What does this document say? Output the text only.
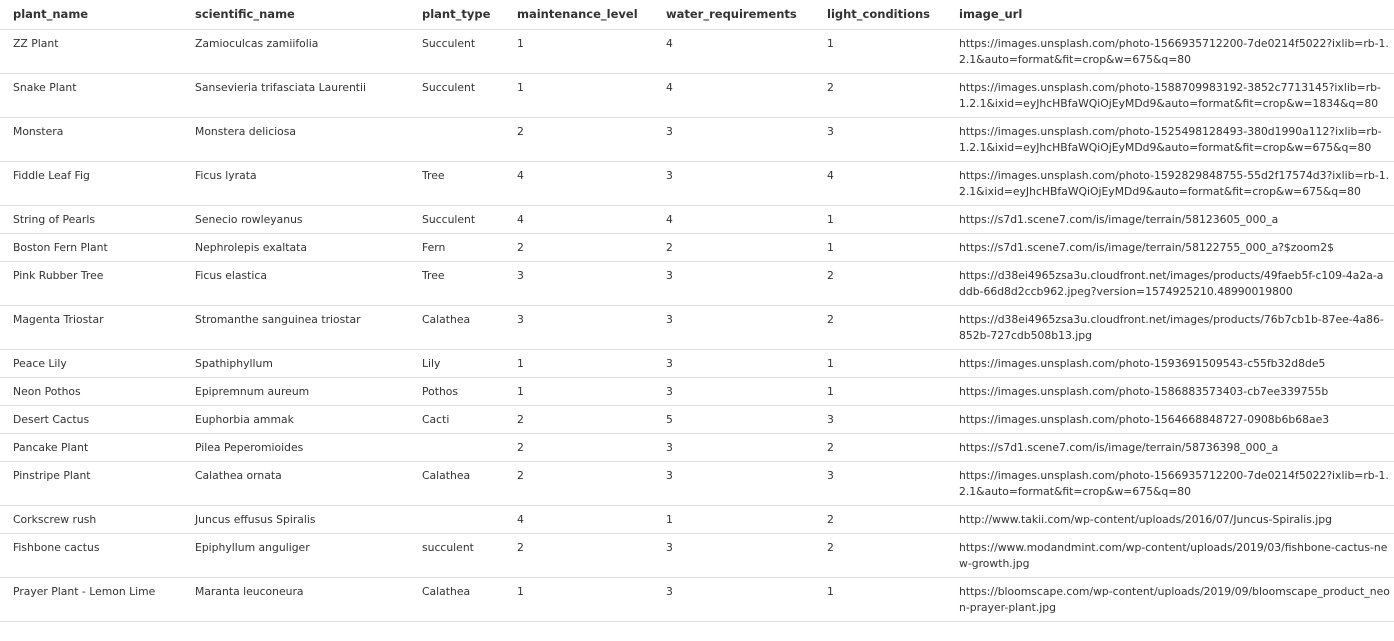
plant_name	scientific_name	plant_type	maintenance_level	water_requirements	light_conditions	image_url
ZZ Plant	Zamioculcas zamiifolia	Succulent	1	4	1	https://images.unsplash.com/photo-1566935712200-7de0214f5022?ixlib=rb-1.2.1&auto=format&fit=crop&w=675&q=80
Snake Plant	Sansevieria trifasciata Laurentii	Succulent	1	4	2	https://images.unsplash.com/photo-1588709983192-3852c7713145?ixlib=rb-1.2.1&ixid=eyJhcHBfaWQiOjEyMDd9&auto=format&fit=crop&w=1834&q=80
Monstera	Monstera deliciosa		2	3	3	https://images.unsplash.com/photo-1525498128493-380d1990a112?ixlib=rb-1.2.1&ixid=eyJhcHBfaWQiOjEyMDd9&auto=format&fit=crop&w=675&q=80
Fiddle Leaf Fig	Ficus lyrata	Tree	4	3	4	https://images.unsplash.com/photo-1592829848755-55d2f17574d3?ixlib=rb-1.2.1&ixid=eyJhcHBfaWQiOjEyMDd9&auto=format&fit=crop&w=675&q=80
String of Pearls	Senecio rowleyanus	Succulent	4	4	1	https://s7d1.scene7.com/is/image/terrain/58123605_000_a
Boston Fern Plant	Nephrolepis exaltata	Fern	2	2	1	https://s7d1.scene7.com/is/image/terrain/58122755_000_a?$zoom2$
Pink Rubber Tree	Ficus elastica	Tree	3	3	2	https://d38ei4965zsa3u.cloudfront.net/images/products/49faeb5f-c109-4a2a-addb-66d8d2ccb962.jpeg?version=1574925210.48990019800
Magenta Triostar	Stromanthe sanguinea triostar	Calathea	3	3	2	https://d38ei4965zsa3u.cloudfront.net/images/products/76b7cb1b-87ee-4a86-852b-727cdb508b13.jpg
Peace Lily	Spathiphyllum	Lily	1	3	1	https://images.unsplash.com/photo-1593691509543-c55fb32d8de5
Neon Pothos	Epipremnum aureum	Pothos	1	3	1	https://images.unsplash.com/photo-1586883573403-cb7ee339755b
Desert Cactus	Euphorbia ammak	Cacti	2	5	3	https://images.unsplash.com/photo-1564668848727-0908b6b68ae3
Pancake Plant	Pilea Peperomioides		2	3	2	https://s7d1.scene7.com/is/image/terrain/58736398_000_a
Pinstripe Plant	Calathea ornata	Calathea	2	3	3	https://images.unsplash.com/photo-1566935712200-7de0214f5022?ixlib=rb-1.2.1&auto=format&fit=crop&w=675&q=80
Corkscrew rush	Juncus effusus Spiralis		4	1	2	http://www.takii.com/wp-content/uploads/2016/07/Juncus-Spiralis.jpg
Fishbone cactus	Epiphyllum anguliger	succulent	2	3	2	https://www.modandmint.com/wp-content/uploads/2019/03/fishbone-cactus-new-growth.jpg
Prayer Plant - Lemon Lime	Maranta leuconeura	Calathea	1	3	1	https://bloomscape.com/wp-content/uploads/2019/09/bloomscape_product_neon-prayer-plant.jpg
